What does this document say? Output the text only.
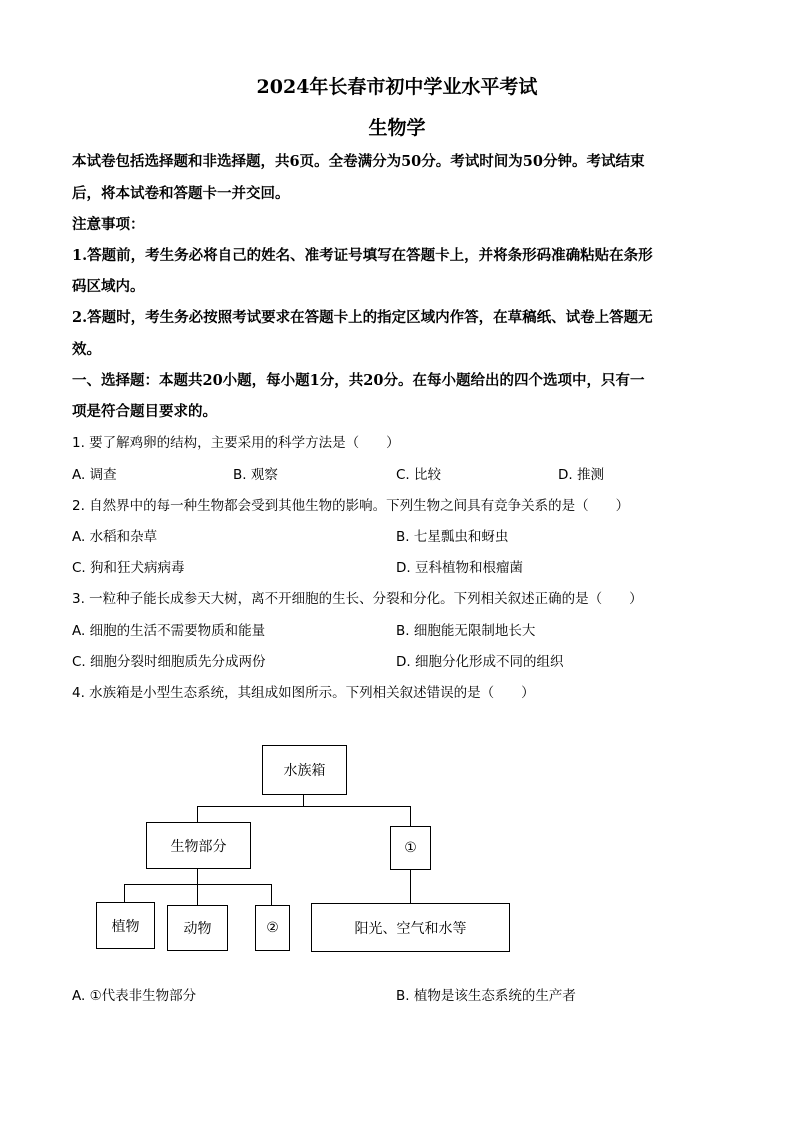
2024年长春市初中学业水平考试
生物学
本试卷包括选择题和非选择题，共6页。全卷满分为50分。考试时间为50分钟。考试结束
后，将本试卷和答题卡一并交回。
注意事项：
1.答题前，考生务必将自己的姓名、准考证号填写在答题卡上，并将条形码准确粘贴在条形
码区域内。
2.答题时，考生务必按照考试要求在答题卡上的指定区域内作答，在草稿纸、试卷上答题无
效。
一、选择题：本题共20小题，每小题1分，共20分。在每小题给出的四个选项中，只有一
项是符合题目要求的。
1. 要了解鸡卵的结构，主要采用的科学方法是（　　）
A. 调查	B. 观察	C. 比较	D. 推测
2. 自然界中的每一种生物都会受到其他生物的影响。下列生物之间具有竞争关系的是（　　）
A. 水稻和杂草	B. 七星瓢虫和蚜虫
C. 狗和狂犬病病毒	D. 豆科植物和根瘤菌
3. 一粒种子能长成参天大树，离不开细胞的生长、分裂和分化。下列相关叙述正确的是（　　）
A. 细胞的生活不需要物质和能量	B. 细胞能无限制地长大
C. 细胞分裂时细胞质先分成两份	D. 细胞分化形成不同的组织
4. 水族箱是小型生态系统，其组成如图所示。下列相关叙述错误的是（　　）
水族箱
生物部分	①
植物	动物	②	阳光、空气和水等
A. ①代表非生物部分	B. 植物是该生态系统的生产者
